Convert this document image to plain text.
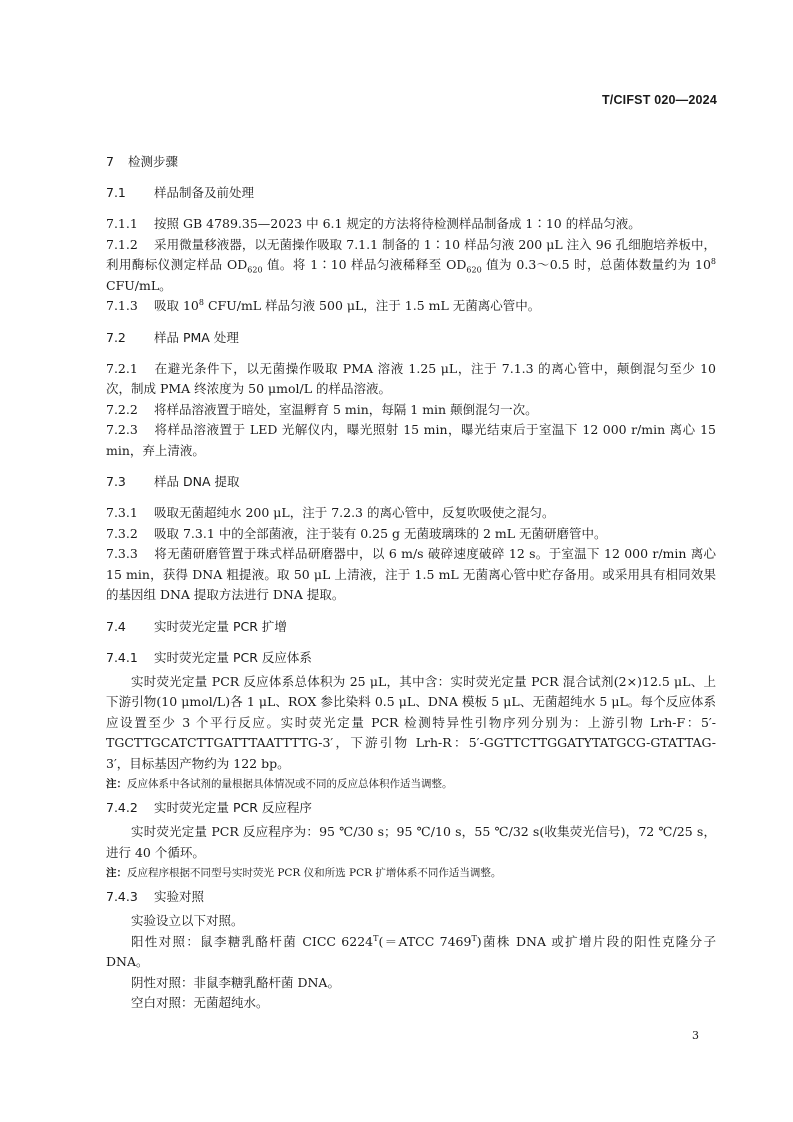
T/CIFST 020—2024
7 检测步骤
7.1 样品制备及前处理

7.1.1 按照 GB 4789.35—2023 中 6.1 规定的方法将待检测样品制备成 1∶10 的样品匀液。

7.1.2 采用微量移液器，以无菌操作吸取 7.1.1 制备的 1∶10 样品匀液 200 μL 注入 96 孔细胞培养板中，利用酶标仪测定样品 $OD_{620}$ 值。将 1∶10 样品匀液稀释至 $OD_{620}$ 值为 0.3～0.5 时，总菌体数量约为 $10^8$ CFU/mL。

7.1.3 吸取 $10^8$ CFU/mL 样品匀液 500 μL，注于 1.5 mL 无菌离心管中。

7.2 样品 PMA 处理

7.2.1 在避光条件下，以无菌操作吸取 PMA 溶液 1.25 μL，注于 7.1.3 的离心管中，颠倒混匀至少 10 次，制成 PMA 终浓度为 50 μmol/L 的样品溶液。

7.2.2 将样品溶液置于暗处，室温孵育 5 min，每隔 1 min 颠倒混匀一次。

7.2.3 将样品溶液置于 LED 光解仪内，曝光照射 15 min，曝光结束后于室温下 12 000 r/min 离心 15 min，弃上清液。

7.3 样品 DNA 提取

7.3.1 吸取无菌超纯水 200 μL，注于 7.2.3 的离心管中，反复吹吸使之混匀。

7.3.2 吸取 7.3.1 中的全部菌液，注于装有 0.25 g 无菌玻璃珠的 2 mL 无菌研磨管中。

7.3.3 将无菌研磨管置于珠式样品研磨器中，以 6 m/s 破碎速度破碎 12 s。于室温下 12 000 r/min 离心 15 min，获得 DNA 粗提液。取 50 μL 上清液，注于 1.5 mL 无菌离心管中贮存备用。或采用具有相同效果的基因组 DNA 提取方法进行 DNA 提取。

7.4 实时荧光定量 PCR 扩增
7.4.1 实时荧光定量 PCR 反应体系

实时荧光定量 PCR 反应体系总体积为 25 μL，其中含：实时荧光定量 PCR 混合试剂(2×)12.5 μL、上下游引物(10 μmol/L)各 1 μL、ROX 参比染料 0.5 μL、DNA 模板 5 μL、无菌超纯水 5 μL。每个反应体系应设置至少 3 个平行反应。实时荧光定量 PCR 检测特异性引物序列分别为：上游引物 Lrh-F：5′-TGCTTGCATCTTGATTTAATTTTG-3′，下游引物 Lrh-R：5′-GGTTCTTGGATYTATGCG-GTATTAG-3′，目标基因产物约为 122 bp。

注：反应体系中各试剂的量根据具体情况或不同的反应总体积作适当调整。
7.4.2 实时荧光定量 PCR 反应程序

实时荧光定量 PCR 反应程序为：95 ℃/30 s；95 ℃/10 s，55 ℃/32 s(收集荧光信号)，72 ℃/25 s，进行 40 个循环。

注：反应程序根据不同型号实时荧光 PCR 仪和所选 PCR 扩增体系不同作适当调整。
7.4.3 实验对照

实验设立以下对照。

阳性对照：鼠李糖乳酪杆菌 CICC $6224^T(=ATCC$ $7469^T$)菌株 DNA 或扩增片段的阳性克隆分子 DNA。

阴性对照：非鼠李糖乳酪杆菌 DNA。

空白对照：无菌超纯水。

3
